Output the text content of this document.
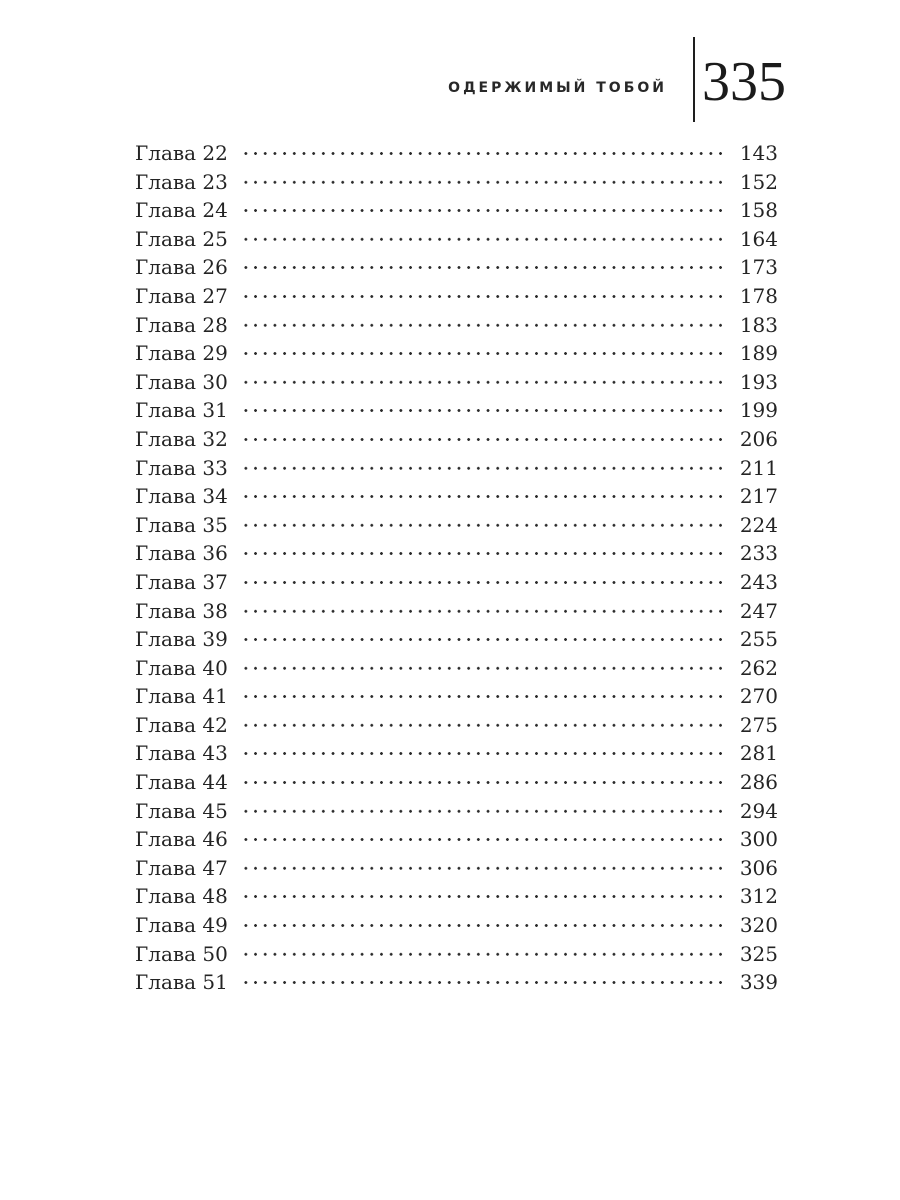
ОДЕРЖИМЫЙ ТОБОЙ 335
Глава 22	143
Глава 23	152
Глава 24	158
Глава 25	164
Глава 26	173
Глава 27	178
Глава 28	183
Глава 29	189
Глава 30	193
Глава 31	199
Глава 32	206
Глава 33	211
Глава 34	217
Глава 35	224
Глава 36	233
Глава 37	243
Глава 38	247
Глава 39	255
Глава 40	262
Глава 41	270
Глава 42	275
Глава 43	281
Глава 44	286
Глава 45	294
Глава 46	300
Глава 47	306
Глава 48	312
Глава 49	320
Глава 50	325
Глава 51	339
